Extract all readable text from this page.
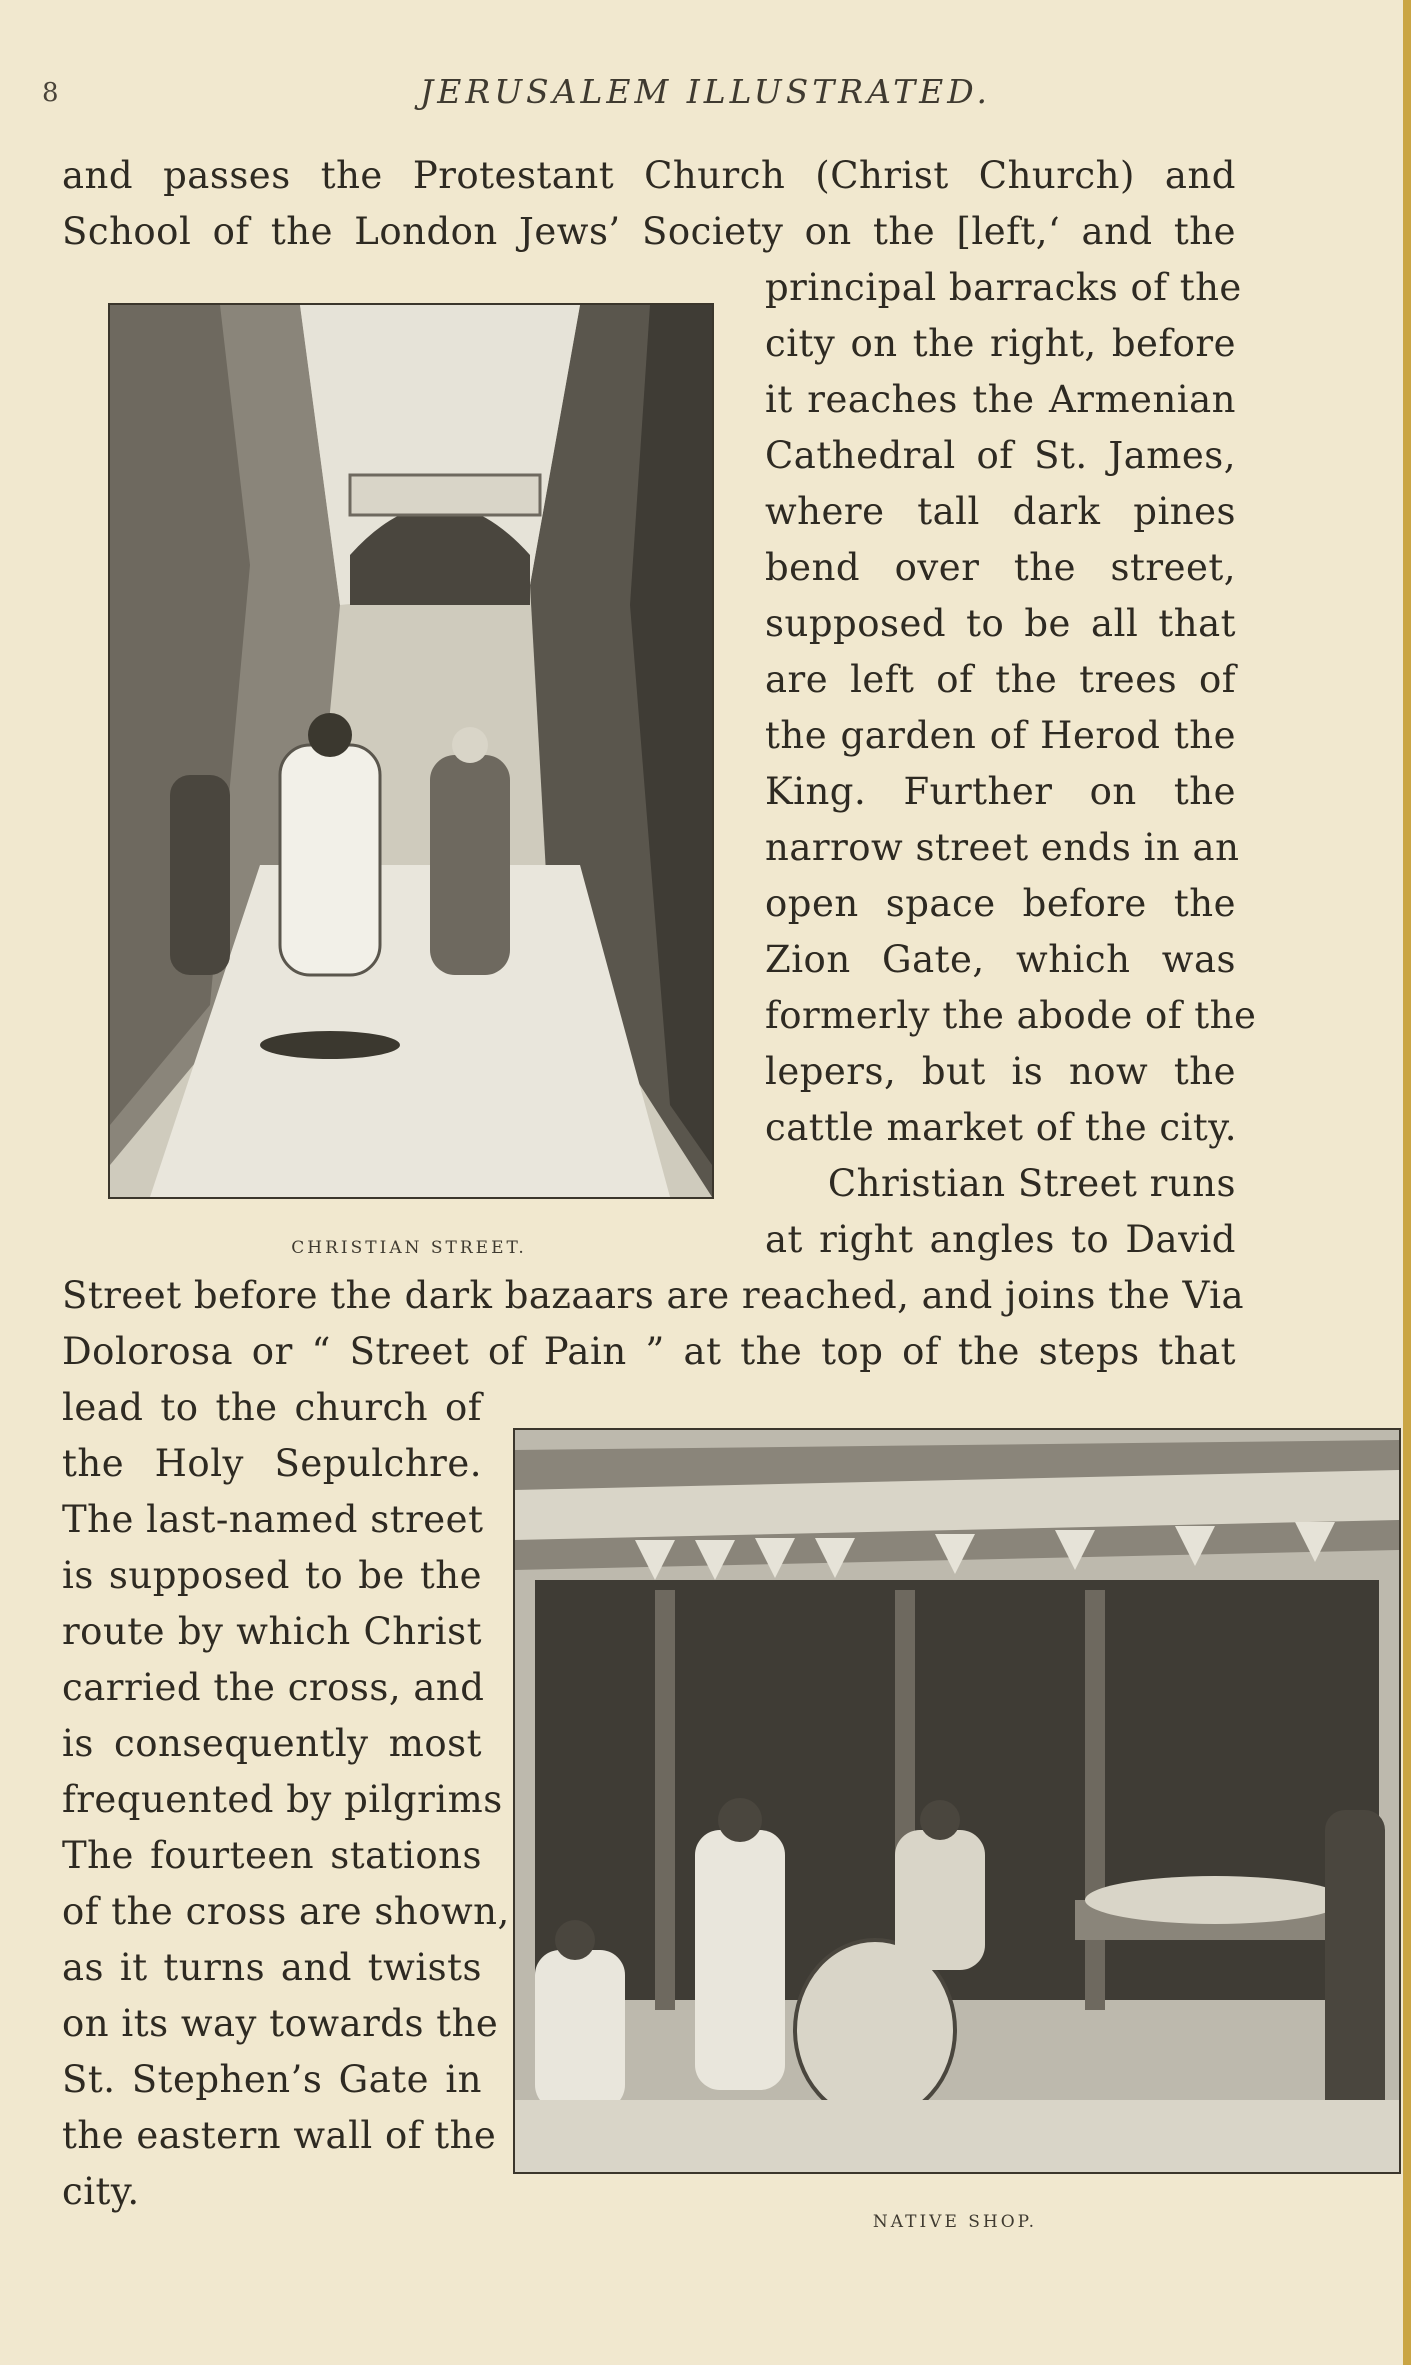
8	JERUSALEM ILLUSTRATED.
and passes the Protestant Church (Christ Church) and
School of the London Jews’ Society on the [left,‘ and the
principal barracks of the
city on the right, before
it reaches the Armenian
Cathedral of St. James,
where tall dark pines
bend over the street,
supposed to be all that
are left of the trees of
the garden of Herod the
King. Further on the
narrow street ends in an
open space before the
Zion Gate, which was
formerly the abode of the
lepers, but is now the
cattle market of the city.
Christian Street runs
at right angles to David
CHRISTIAN STREET.
Street before the dark bazaars are reached, and joins the Via
Dolorosa or “ Street of Pain ” at the top of the steps that
lead to the church of
the Holy Sepulchre.
The last-named street
is supposed to be the
route by which Christ
carried the cross, and
is consequently most
frequented by pilgrims
The fourteen stations
of the cross are shown,
as it turns and twists
on its way towards the
St. Stephen’s Gate in
the eastern wall of the
city.
NATIVE SHOP.
